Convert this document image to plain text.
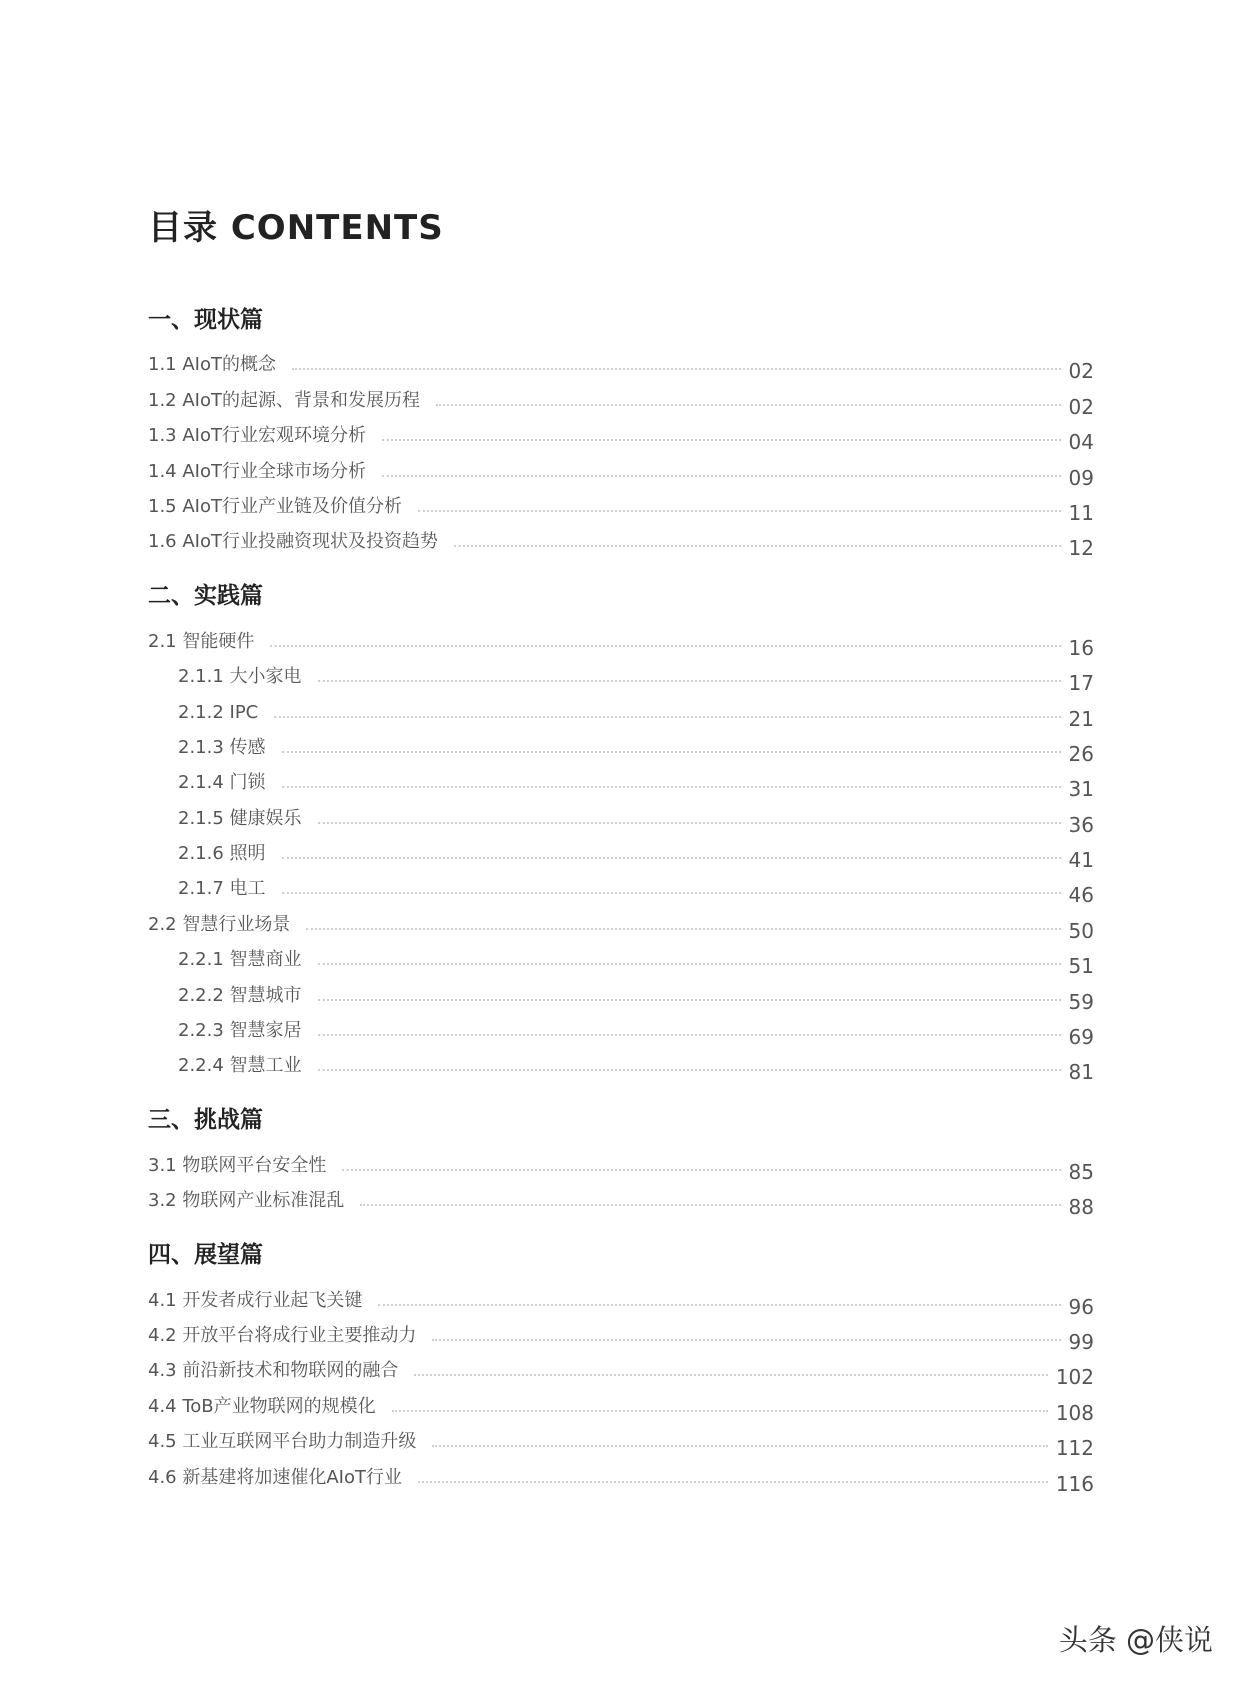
目录 CONTENTS
一、现状篇
1.1 AIoT的概念	02
1.2 AIoT的起源、背景和发展历程	02
1.3 AIoT行业宏观环境分析	04
1.4 AIoT行业全球市场分析	09
1.5 AIoT行业产业链及价值分析	11
1.6 AIoT行业投融资现状及投资趋势	12
二、实践篇
2.1 智能硬件	16
2.1.1 大小家电	17
2.1.2 IPC	21
2.1.3 传感	26
2.1.4 门锁	31
2.1.5 健康娱乐	36
2.1.6 照明	41
2.1.7 电工	46
2.2 智慧行业场景	50
2.2.1 智慧商业	51
2.2.2 智慧城市	59
2.2.3 智慧家居	69
2.2.4 智慧工业	81
三、挑战篇
3.1 物联网平台安全性	85
3.2 物联网产业标准混乱	88
四、展望篇
4.1 开发者成行业起飞关键	96
4.2 开放平台将成行业主要推动力	99
4.3 前沿新技术和物联网的融合	102
4.4 ToB产业物联网的规模化	108
4.5 工业互联网平台助力制造升级	112
4.6 新基建将加速催化AIoT行业	116
头条 @侠说
